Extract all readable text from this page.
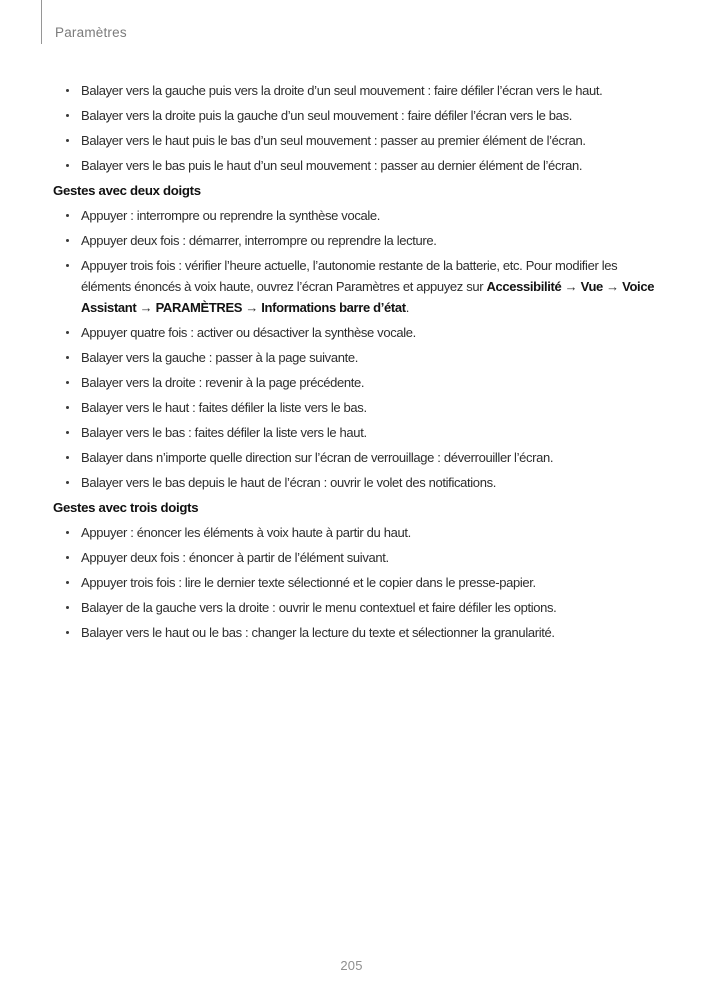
Paramètres
Balayer vers la gauche puis vers la droite d’un seul mouvement : faire défiler l’écran vers le haut.
Balayer vers la droite puis la gauche d’un seul mouvement : faire défiler l’écran vers le bas.
Balayer vers le haut puis le bas d’un seul mouvement : passer au premier élément de l’écran.
Balayer vers le bas puis le haut d’un seul mouvement : passer au dernier élément de l’écran.
Gestes avec deux doigts
Appuyer : interrompre ou reprendre la synthèse vocale.
Appuyer deux fois : démarrer, interrompre ou reprendre la lecture.
Appuyer trois fois : vérifier l’heure actuelle, l’autonomie restante de la batterie, etc. Pour modifier les éléments énoncés à voix haute, ouvrez l’écran Paramètres et appuyez sur Accessibilité → Vue → Voice Assistant → PARAMÈTRES → Informations barre d’état.
Appuyer quatre fois : activer ou désactiver la synthèse vocale.
Balayer vers la gauche : passer à la page suivante.
Balayer vers la droite : revenir à la page précédente.
Balayer vers le haut : faites défiler la liste vers le bas.
Balayer vers le bas : faites défiler la liste vers le haut.
Balayer dans n’importe quelle direction sur l’écran de verrouillage : déverrouiller l’écran.
Balayer vers le bas depuis le haut de l’écran : ouvrir le volet des notifications.
Gestes avec trois doigts
Appuyer : énoncer les éléments à voix haute à partir du haut.
Appuyer deux fois : énoncer à partir de l’élément suivant.
Appuyer trois fois : lire le dernier texte sélectionné et le copier dans le presse-papier.
Balayer de la gauche vers la droite : ouvrir le menu contextuel et faire défiler les options.
Balayer vers le haut ou le bas : changer la lecture du texte et sélectionner la granularité.
205
